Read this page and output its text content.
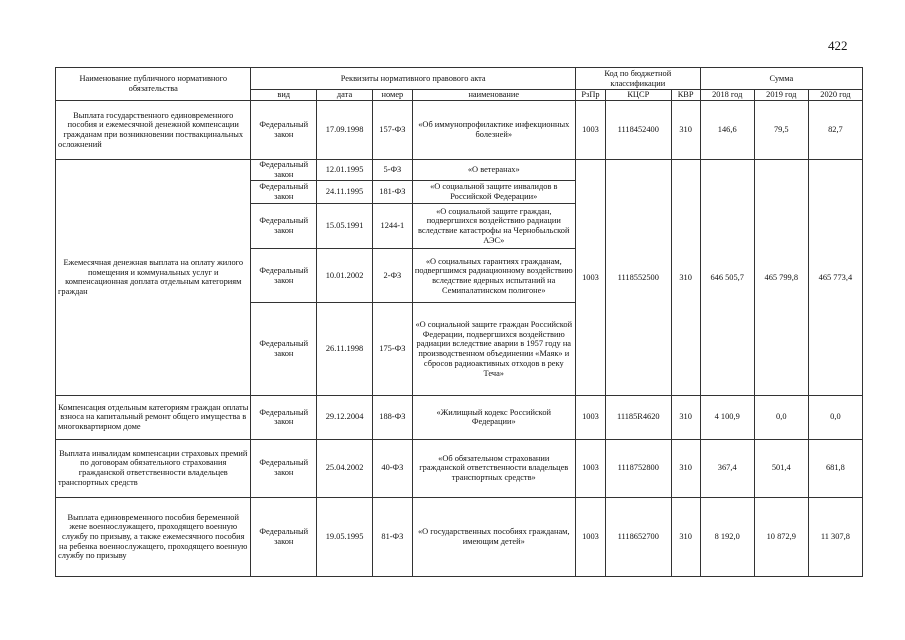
422
Наименование публичного нормативного обязательства	Реквизиты нормативного правового акта				Код по бюджетной классификации			Сумма		
	вид	дата	номер	наименование	РзПр	КЦСР	КВР	2018 год	2019 год	2020 год
Выплата государственного единовременного пособия и ежемесячной денежной компенсации гражданам при возникновении поствакцинальных осложнений	Федеральный закон	17.09.1998	157-ФЗ	«Об иммунопрофилактике инфекционных болезней»	1003	1118452400	310	146,6	79,5	82,7
Ежемесячная денежная выплата на оплату жилого помещения и коммунальных услуг и компенсационная доплата отдельным категориям граждан	Федеральный закон	12.01.1995	5-ФЗ	«О ветеранах»	1003	1118552500	310	646 505,7	465 799,8	465 773,4
	Федеральный закон	24.11.1995	181-ФЗ	«О социальной защите инвалидов в Российской Федерации»						
	Федеральный закон	15.05.1991	1244-1	«О социальной защите граждан, подвергшихся воздействию радиации вследствие катастрофы на Чернобыльской АЭС»						
	Федеральный закон	10.01.2002	2-ФЗ	«О социальных гарантиях гражданам, подвергшимся радиационному воздействию вследствие ядерных испытаний на Семипалатинском полигоне»						
	Федеральный закон	26.11.1998	175-ФЗ	«О социальной защите граждан Российской Федерации, подвергшихся воздействию радиации вследствие аварии в 1957 году на производственном объединении «Маяк» и сбросов радиоактивных отходов в реку Теча»						
Компенсация отдельным категориям граждан оплаты взноса на капитальный ремонт общего имущества в многоквартирном доме	Федеральный закон	29.12.2004	188-ФЗ	«Жилищный кодекс Российской Федерации»	1003	11185R4620	310	4 100,9	0,0	0,0
Выплата инвалидам компенсации страховых премий по договорам обязательного страхования гражданской ответственности владельцев транспортных средств	Федеральный закон	25.04.2002	40-ФЗ	«Об обязательном страховании гражданской ответственности владельцев транспортных средств»	1003	1118752800	310	367,4	501,4	681,8
Выплата единовременного пособия беременной жене военнослужащего, проходящего военную службу по призыву, а также ежемесячного пособия на ребенка военнослужащего, проходящего военную службу по призыву	Федеральный закон	19.05.1995	81-ФЗ	«О государственных пособиях гражданам, имеющим детей»	1003	1118652700	310	8 192,0	10 872,9	11 307,8
